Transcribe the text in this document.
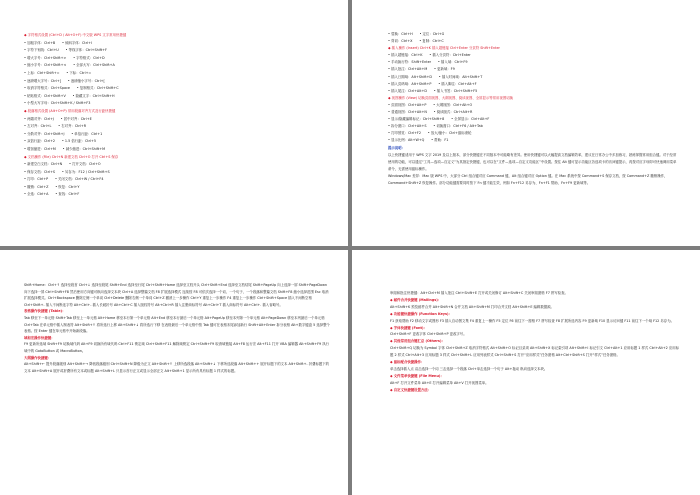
◆ 字符格式设置 (Ctrl+D / Alt+O+F) 中文版 WPS 文字常用快捷键
• 加粗字体：Ctrl+B　　• 倾斜字体：Ctrl+I
• 字符下划线：Ctrl+U　　• 等线字体：Ctrl+Shift+F
• 增大字号：Ctrl+Shift+>　　• 字符格式：Ctrl+D
• 缩小字号：Ctrl+Shift+<　　• 全部大写：Ctrl+Shift+A
• 上标：Ctrl+Shift+=　　• 下标：Ctrl+=
• 逐磅增大字号：Ctrl+]　　• 逐磅缩小字号：Ctrl+[
• 取消字符格式：Ctrl+Space　　• 复制格式：Ctrl+Shift+C
• 粘贴格式：Ctrl+Shift+V　　• 隐藏文字：Ctrl+Shift+H
• 小型大写字母：Ctrl+Shift+K / Shift+F3
◆ 段落格式设置 (Alt+O+P) 常用段落对齐方式及行距快捷键
• 两端对齐：Ctrl+J　　• 居中对齐：Ctrl+E
• 左对齐：Ctrl+L　　• 右对齐：Ctrl+R
• 分散对齐：Ctrl+Shift+J　　• 单倍行距：Ctrl+1
• 双倍行距：Ctrl+2　　• 1.5 倍行距：Ctrl+5
• 增加缩进：Ctrl+M　　• 减少缩进：Ctrl+Shift+M
◆ 文档操作 (File) Ctrl+N 新建文档 Ctrl+O 打开 Ctrl+S 保存
• 新建空白文档：Ctrl+N　　• 打开文档：Ctrl+O
• 保存文档：Ctrl+S　　• 另存为：F12 / Ctrl+Shift+S
• 打印：Ctrl+P　　• 关闭文档：Ctrl+W / Ctrl+F4
• 撤销：Ctrl+Z　　• 恢复：Ctrl+Y
• 全选：Ctrl+A　　• 查找：Ctrl+F
• 替换：Ctrl+H　　• 定位：Ctrl+G
• 剪切：Ctrl+X　　• 复制：Ctrl+C
◆ 插入操作 (Insert) Ctrl+K 插入超链接 Ctrl+Enter 分页符 Shift+Enter
• 插入超链接：Ctrl+K　　• 插入分页符：Ctrl+Enter
• 手动换行符：Shift+Enter　　• 插入域：Ctrl+F9
• 插入批注：Ctrl+Alt+M　　• 更新域：F9
• 插入日期域：Alt+Shift+D　　• 插入时间域：Alt+Shift+T
• 插入页码域：Alt+Shift+P　　• 插入脚注：Ctrl+Alt+F
• 插入尾注：Ctrl+Alt+D　　• 插入书签：Ctrl+Shift+F5
◆ 视图操作 (View) 切换页面视图、大纲视图、阅读视图、全屏显示等常用视图切换
• 页面视图：Ctrl+Alt+P　　• 大纲视图：Ctrl+Alt+O
• 普通视图：Ctrl+Alt+N　　• 阅读版式：Ctrl+Alt+R
• 显示/隐藏编辑标记：Ctrl+Shift+8　　• 全屏显示：Ctrl+Alt+F
• 拆分窗口：Ctrl+Alt+S　　• 切换窗口：Ctrl+F6 / Alt+Tab
• 打印预览：Ctrl+F2　　• 放大/缩小：Ctrl+鼠标滚轮
• 显示比例：Alt+W+Q　　• 帮助：F1
提示说明：
以上快捷键适用于 WPS 文字 2019 及以上版本，部分快捷键在不同版本中可能略有差异。使用快捷键可以大幅提高文档编辑效率，建议在日常办公中多加练习，熟练掌握常用组合键。对于经常使用的功能，可以通过“工具—选项—自定义”为其指定快捷键，也可以在“文件—选项—自定义功能区”中设置。按住 Alt 键可显示功能区各选项卡的访问键提示，再按对应字母即可快速调用菜单命令，无需使用鼠标操作。
Windows/Mac 差异：Mac 版 WPS 中，大部分 Ctrl 组合键对应 Command 键，Alt 组合键对应 Option 键。在 Mac 系统中按 Command+S 保存文档，按 Command+Z 撤销操作，Command+Shift+Z 恢复操作。部分功能键需要同时按下 Fn 键才能生效，例如 Fn+F12 另存为、Fn+F1 帮助、Fn+F9 更新域等。
Shift+Home：Ctrl+↑ 选择至段首 Ctrl+↓ 选择至段尾 Shift+End 选择至行尾 Ctrl+Shift+Home 选择至文档开头 Ctrl+Shift+End 选择至文档结尾 Shift+PageUp 向上选择一屏 Shift+PageDown 向下选择一屏 Ctrl+Shift+F8 然后使用方向键可纵向选择文本块 Ctrl+A 选择整篇文档 F8 扩展选择模式 连续按 F8 可依次选择一个词、一个句子、一个段落和整篇文档 Shift+F8 缩小选择范围 Esc 取消扩展选择模式。Ctrl+Backspace 删除左侧一个单词 Ctrl+Delete 删除右侧一个单词 Ctrl+Z 撤消上一步操作 Ctrl+Y 重复上一步操作 F4 重复上一步操作 Ctrl+Shift+Space 插入不间断空格 Ctrl+Shift+- 插入不间断连字符 Alt+Ctrl+- 插入长破折号 Alt+Ctrl+C 插入版权符号 Alt+Ctrl+R 插入注册商标符号 Alt+Ctrl+T 插入商标符号 Alt+Ctrl+. 插入省略号。
表格操作快捷键 (Table)：
Tab 移至下一单元格 Shift+Tab 移至上一单元格 Alt+Home 移至本行第一个单元格 Alt+End 移至本行最后一个单元格 Alt+PageUp 移至本列第一个单元格 Alt+PageDown 移至本列最后一个单元格 Ctrl+Tab 在单元格中插入制表符 Alt+Shift+↑ 将所选行上移 Alt+Shift+↓ 将所选行下移 在表格最后一个单元格中按 Tab 键可在表格末尾添加新行 Shift+Alt+Enter 拆分表格 Alt+数字键盘 5 选择整个表格。按 Enter 键在单元格中开始新段落。
域和宏操作快捷键：
F9 更新所选域 Shift+F9 切换域代码 Alt+F9 切换所有域代码 Ctrl+F11 锁定域 Ctrl+Shift+F11 解除域锁定 Ctrl+Shift+F9 取消域链接 Alt+F8 运行宏 Alt+F11 打开 VBA 编辑器 Alt+Shift+F9 执行域中的 GotoButton 或 MacroButton。
大纲操作快捷键：
Alt+Shift+← 提升段落级别 Alt+Shift+→ 降低段落级别 Ctrl+Shift+N 降级为正文 Alt+Shift+↑ 上移所选段落 Alt+Shift+↓ 下移所选段落 Alt+Shift++ 展开标题下的文本 Alt+Shift+- 折叠标题下的文本 Alt+Shift+A 展开或折叠所有文本或标题 Alt+Shift+L 只显示首行正文或显示全部正文 Alt+Shift+1 显示所有具有标题 1 样式的标题。
审阅和批注快捷键：Alt+Ctrl+M 插入批注 Ctrl+Shift+E 打开或关闭修订 Alt+Shift+C 关闭审阅窗格 F7 拼写检查。
◆ 邮件合并快捷键 (Mailings)：
Alt+Shift+K 预览邮件合并 Alt+Shift+N 合并文档 Alt+Shift+M 打印合并文档 Alt+Shift+E 编辑数据源。
◆ 功能键快捷操作 (Function Keys)：
F1 获取帮助 F2 移动文字或图形 F3 插入自动图文集 F4 重复上一操作 F5 定位 F6 前往下一窗格 F7 拼写检查 F8 扩展所选内容 F9 更新域 F10 显示访问键 F11 前往下一个域 F12 另存为。
◆ 字体快捷键 (Font)：
Ctrl+Shift+F 更改字体 Ctrl+Shift+P 更改字号。
◆ 其他常用组合键汇总 (Others)：
Ctrl+Shift+Q 切换为 Symbol 字体 Ctrl+Shift+Z 取消字符格式 Alt+Shift+O 标记目录项 Alt+Shift+X 标记索引项 Alt+Shift+I 标记引文 Ctrl+Alt+1 应用标题 1 样式 Ctrl+Alt+2 应用标题 2 样式 Ctrl+Alt+3 应用标题 3 样式 Ctrl+Shift+L 应用列表样式 Ctrl+Shift+S 打开“应用样式”任务窗格 Alt+Ctrl+Shift+S 打开“样式”任务窗格。
◆ 鼠标配合快捷操作：
单击选择插入点 双击选择一个词 三击选择一个段落 Ctrl+单击选择一个句子 Alt+拖动 纵向选择文本块。
◆ 文件菜单快捷键 (File Menu)：
Alt+F 打开文件菜单 Alt+E 打开编辑菜单 Alt+V 打开视图菜单。
◆ 自定义快捷键设置方法：
